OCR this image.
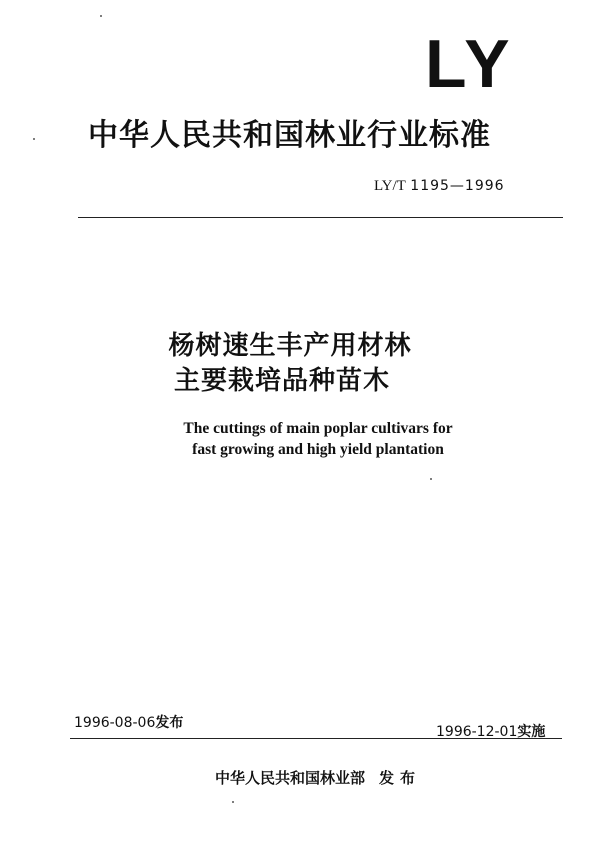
LY
中华人民共和国林业行业标准
LY/T 1195—1996
杨树速生丰产用材林
主要栽培品种苗木
The cuttings of main poplar cultivars for
fast growing and high yield plantation
1996-08-06发布
1996-12-01实施
中华人民共和国林业部 发布
